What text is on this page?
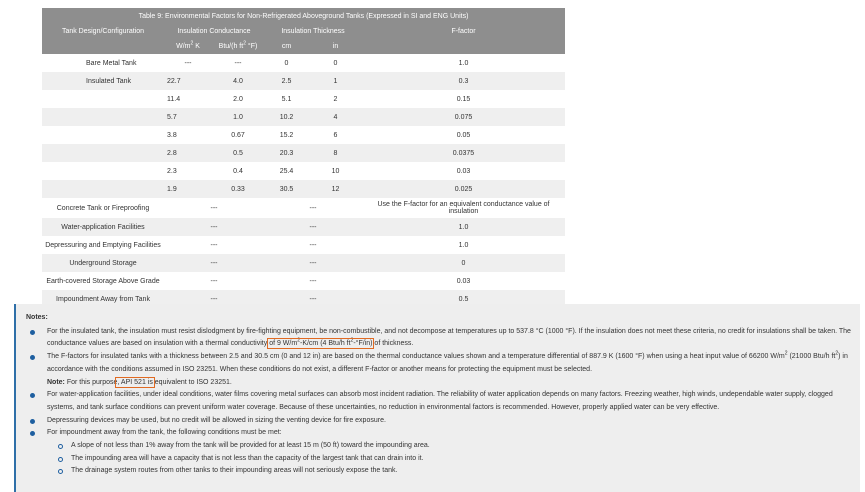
Table 9: Environmental Factors for Non-Refrigerated Aboveground Tanks (Expressed in SI and ENG Units)					
Tank Design/Configuration	Insulation Conductance		Insulation Thickness		F-factor
	$W/m^2$ K	Btu/(h $ft^2$ °F)	cm	in	
Bare Metal Tank	---	---	0	0	1.0
Insulated Tank	22.7	4.0	2.5	1	0.3
	11.4	2.0	5.1	2	0.15
	5.7	1.0	10.2	4	0.075
	3.8	0.67	15.2	6	0.05
	2.8	0.5	20.3	8	0.0375
	2.3	0.4	25.4	10	0.03
	1.9	0.33	30.5	12	0.025
Concrete Tank or Fireproofing	---		---		Use the F-factor for an equivalent conductance value of insulation
Water-application Facilities	---		---		1.0
Depressuring and Emptying Facilities	---		---		1.0
Underground Storage	---		---		0
Earth-covered Storage Above Grade	---		---		0.03
Impoundment Away from Tank	---		---		0.5
Notes:
For the insulated tank, the insulation must resist dislodgment by fire-fighting equipment, be non-combustible, and not decompose at temperatures up to 537.8 °C (1000 °F). If the insulation does not meet these criteria, no credit for insulations shall be taken. The conductance values are based on insulation with a thermal conductivity of 9 $W/m^2-K/cm$ (4 Btu/h $ft^2-^\circ F/in$) of thickness.
The F-factors for insulated tanks with a thickness between 2.5 and 30.5 cm (0 and 12 in) are based on the thermal conductance values shown and a temperature differential of 887.9 K (1600 °F) when using a heat input value of 66200 $W/m^2$ (21000 Btu/h $ft^2$) in accordance with the conditions assumed in ISO 23251. When these conditions do not exist, a different F-factor or another means for protecting the equipment must be selected.
Note: For this purpose, API 521 is equivalent to ISO 23251.
For water-application facilities, under ideal conditions, water films covering metal surfaces can absorb most incident radiation. The reliability of water application depends on many factors. Freezing weather, high winds, undependable water supply, clogged systems, and tank surface conditions can prevent uniform water coverage. Because of these uncertainties, no reduction in environmental factors is recommended. However, properly applied water can be very effective.
Depressuring devices may be used, but no credit will be allowed in sizing the venting device for fire exposure.
For impoundment away from the tank, the following conditions must be met:
A slope of not less than 1% away from the tank will be provided for at least 15 m (50 ft) toward the impounding area.
The impounding area will have a capacity that is not less than the capacity of the largest tank that can drain into it.
The drainage system routes from other tanks to their impounding areas will not seriously expose the tank.
